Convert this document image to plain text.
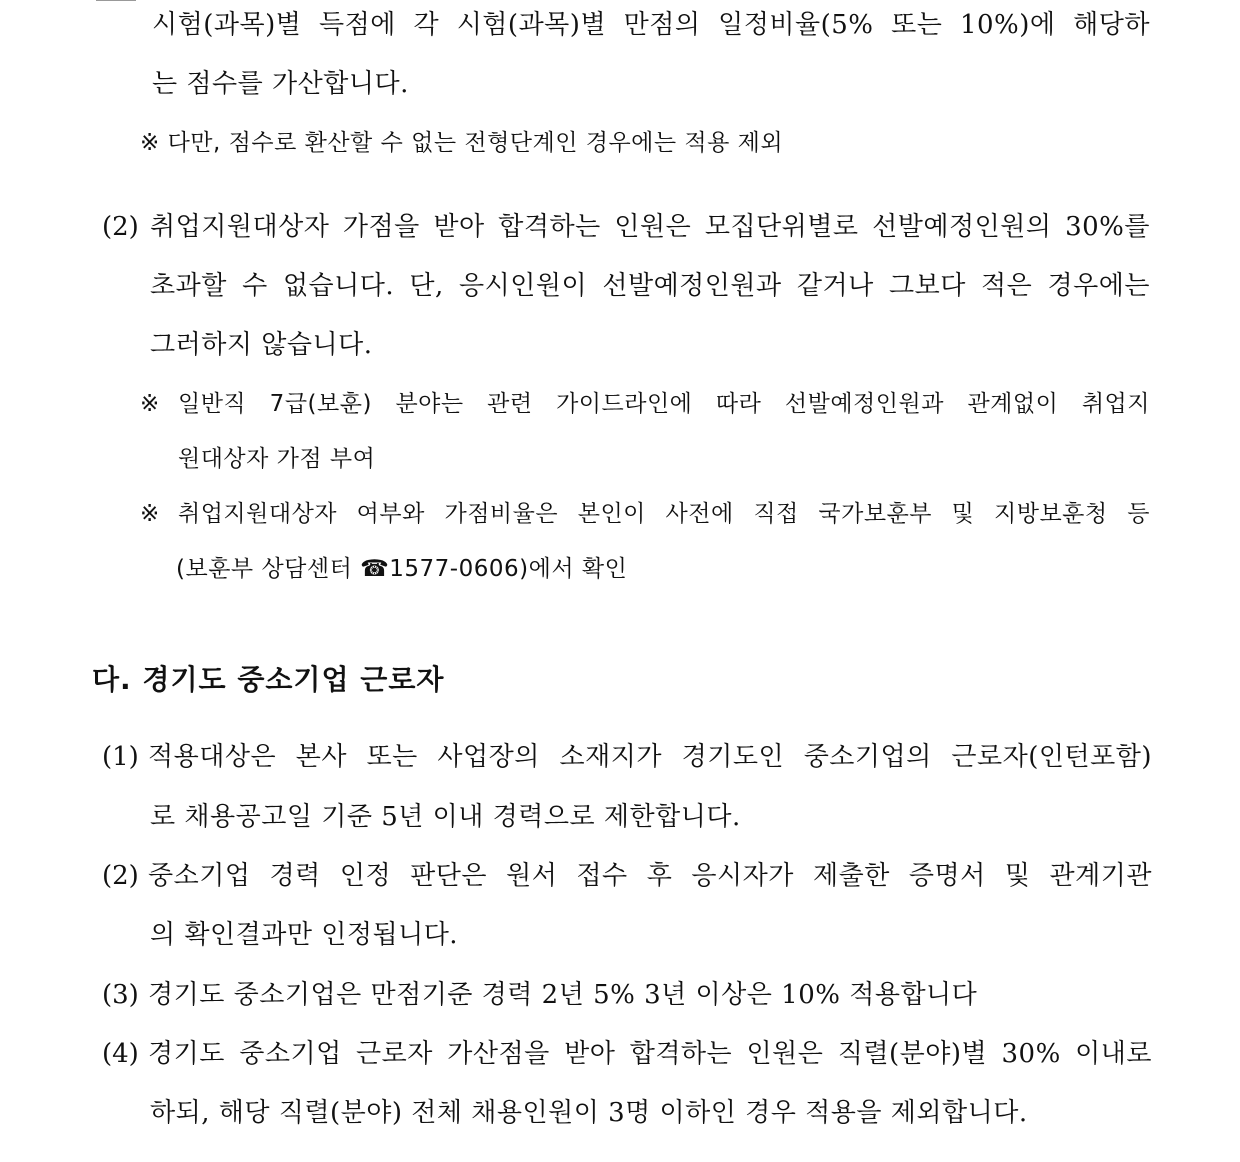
시험(과목)별 득점에 각 시험(과목)별 만점의 일정비율(5% 또는 10%)에 해당하
는 점수를 가산합니다.
※ 다만, 점수로 환산할 수 없는 전형단계인 경우에는 적용 제외
(2) 취업지원대상자 가점을 받아 합격하는 인원은 모집단위별로 선발예정인원의 30%를
초과할 수 없습니다. 단, 응시인원이 선발예정인원과 같거나 그보다 적은 경우에는
그러하지 않습니다.
※ 일반직 7급(보훈) 분야는 관련 가이드라인에 따라 선발예정인원과 관계없이 취업지
원대상자 가점 부여
※ 취업지원대상자 여부와 가점비율은 본인이 사전에 직접 국가보훈부 및 지방보훈청 등
(보훈부 상담센터 ☎1577-0606)에서 확인
다. 경기도 중소기업 근로자
(1) 적용대상은 본사 또는 사업장의 소재지가 경기도인 중소기업의 근로자(인턴포함)
로 채용공고일 기준 5년 이내 경력으로 제한합니다.
(2) 중소기업 경력 인정 판단은 원서 접수 후 응시자가 제출한 증명서 및 관계기관
의 확인결과만 인정됩니다.
(3) 경기도 중소기업은 만점기준 경력 2년 5% 3년 이상은 10% 적용합니다
(4) 경기도 중소기업 근로자 가산점을 받아 합격하는 인원은 직렬(분야)별 30% 이내로
하되, 해당 직렬(분야) 전체 채용인원이 3명 이하인 경우 적용을 제외합니다.
